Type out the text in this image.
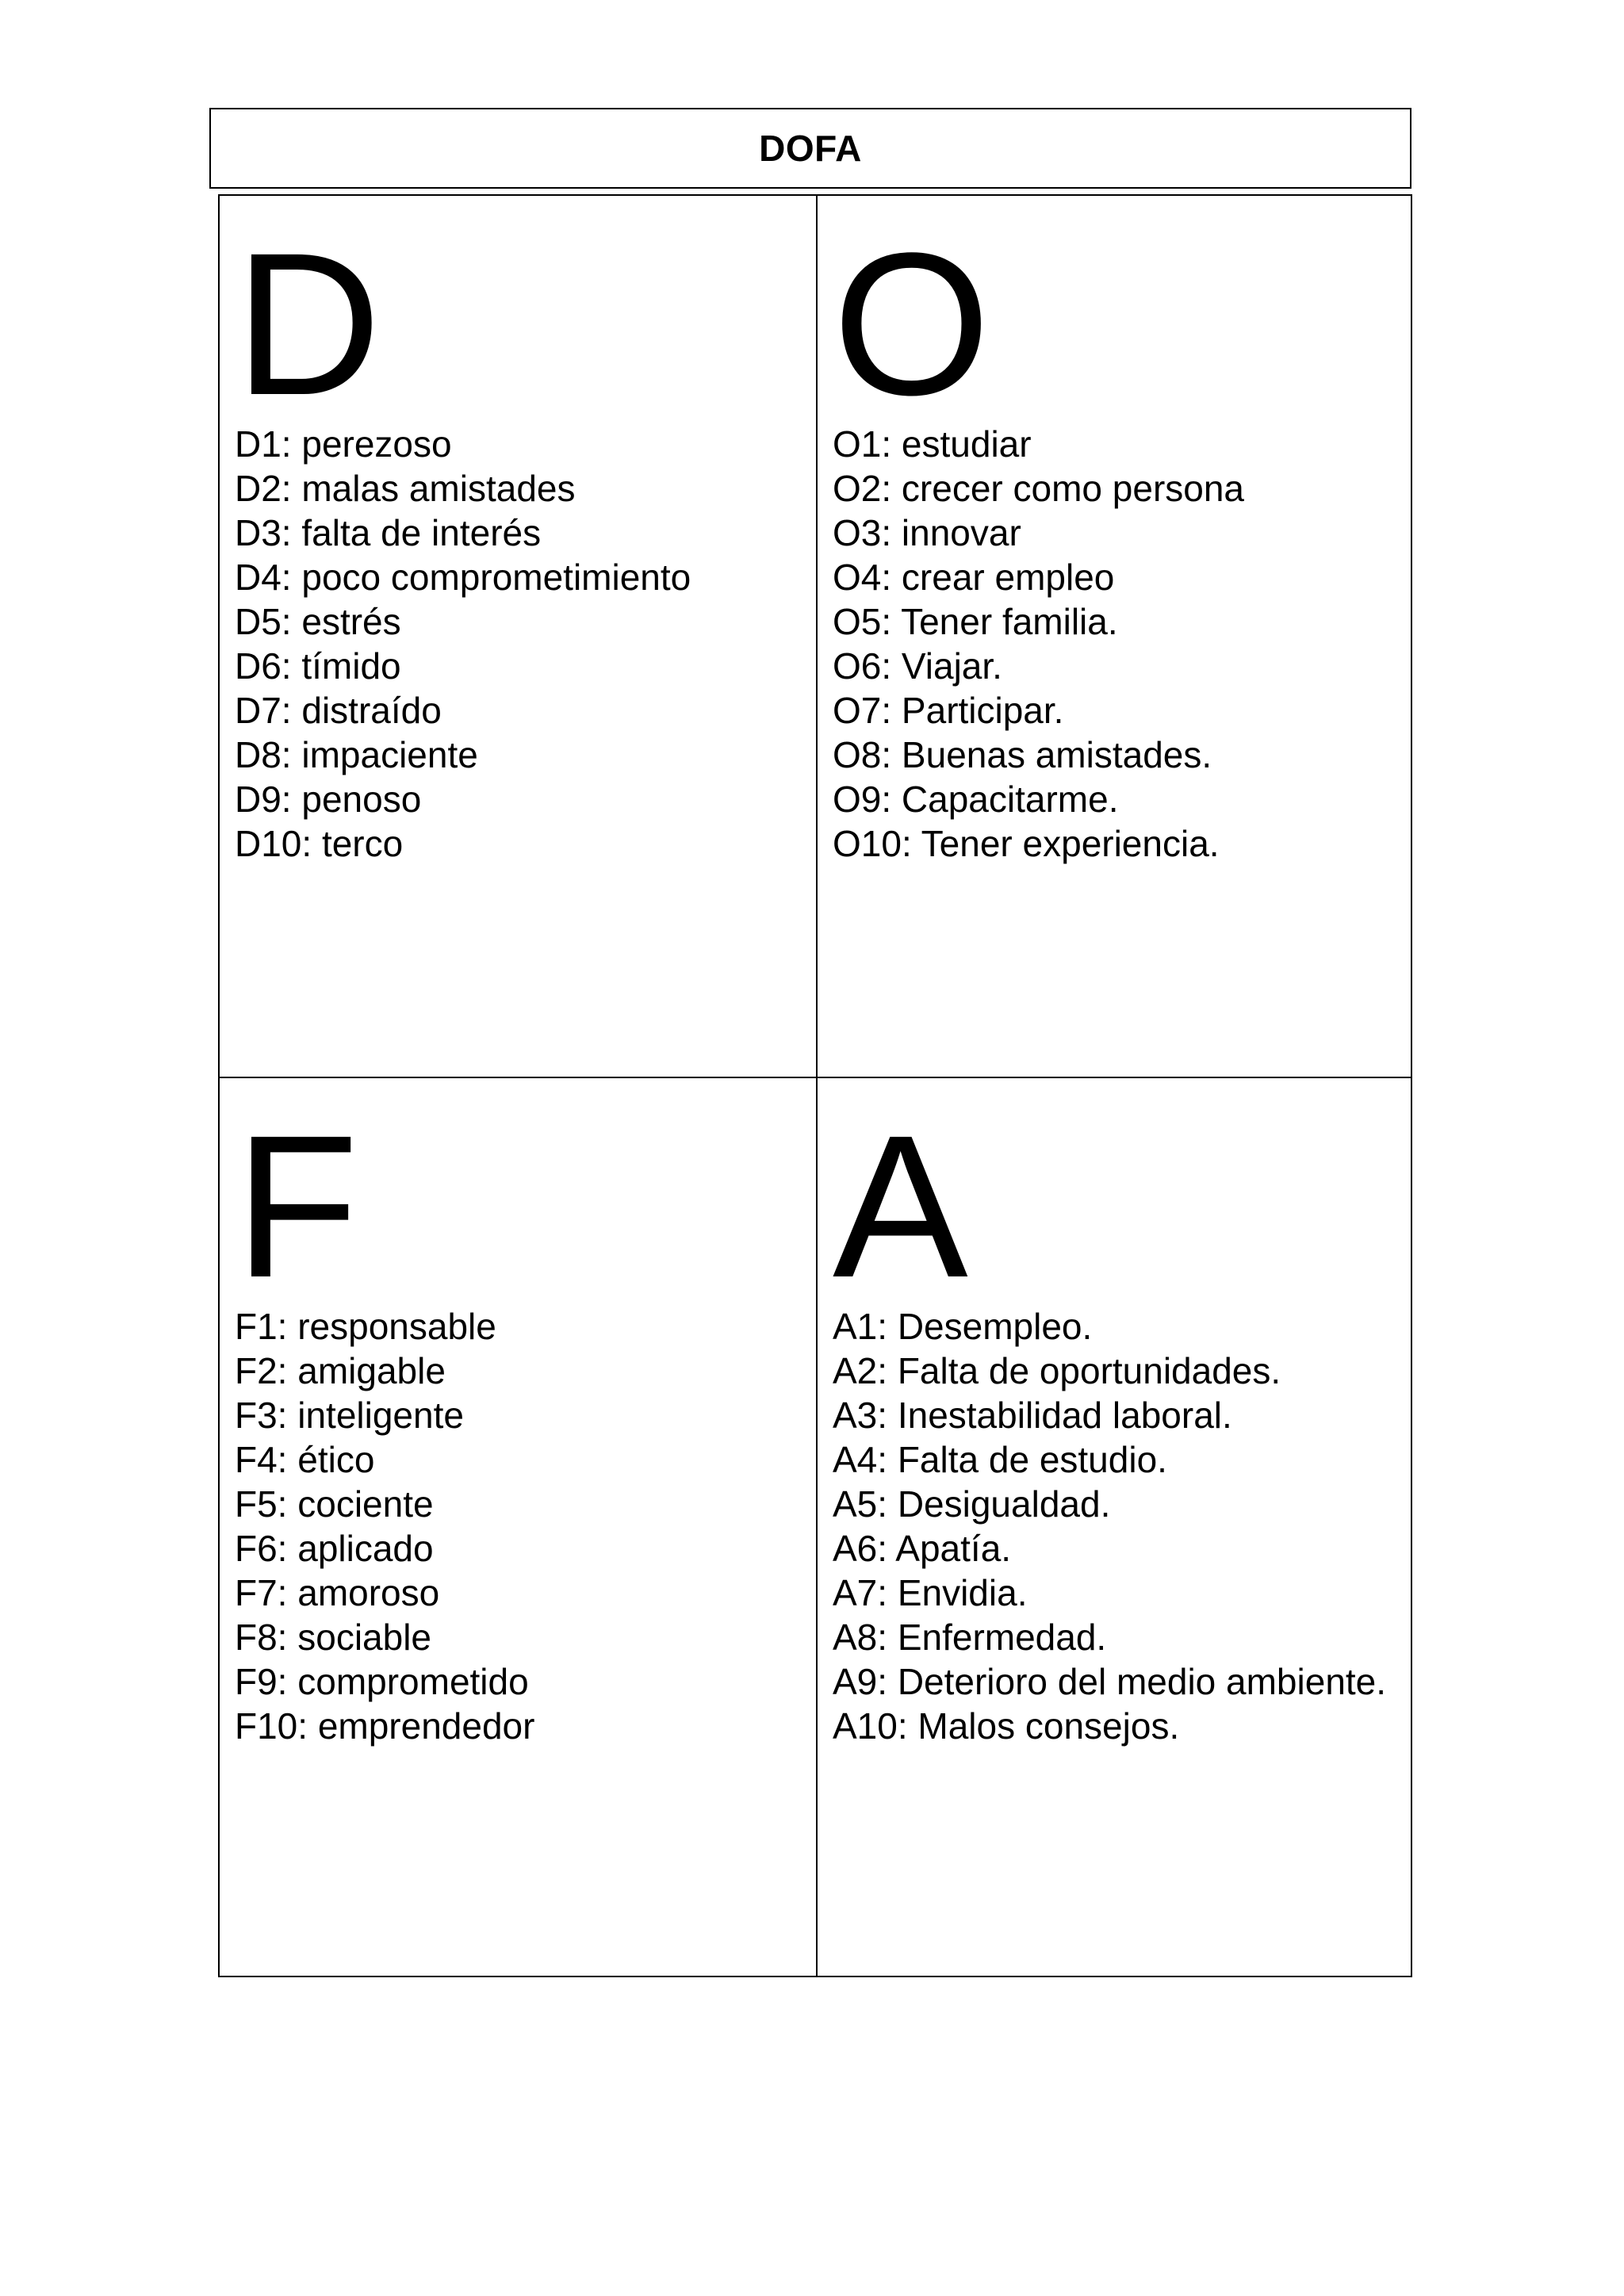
DOFA
D
D1: perezoso
D2: malas amistades
D3: falta de interés
D4: poco comprometimiento
D5: estrés
D6: tímido
D7: distraído
D8: impaciente
D9: penoso
D10: terco
O
O1: estudiar
O2: crecer como persona
O3: innovar
O4: crear empleo
O5: Tener familia.
O6: Viajar.
O7: Participar.
O8: Buenas amistades.
O9: Capacitarme.
O10: Tener experiencia.
F
F1: responsable
F2: amigable
F3: inteligente
F4: ético
F5: cociente
F6: aplicado
F7: amoroso
F8: sociable
F9: comprometido
F10: emprendedor
A
A1: Desempleo.
A2: Falta de oportunidades.
A3: Inestabilidad laboral.
A4: Falta de estudio.
A5: Desigualdad.
A6: Apatía.
A7: Envidia.
A8: Enfermedad.
A9: Deterioro del medio ambiente.
A10: Malos consejos.
